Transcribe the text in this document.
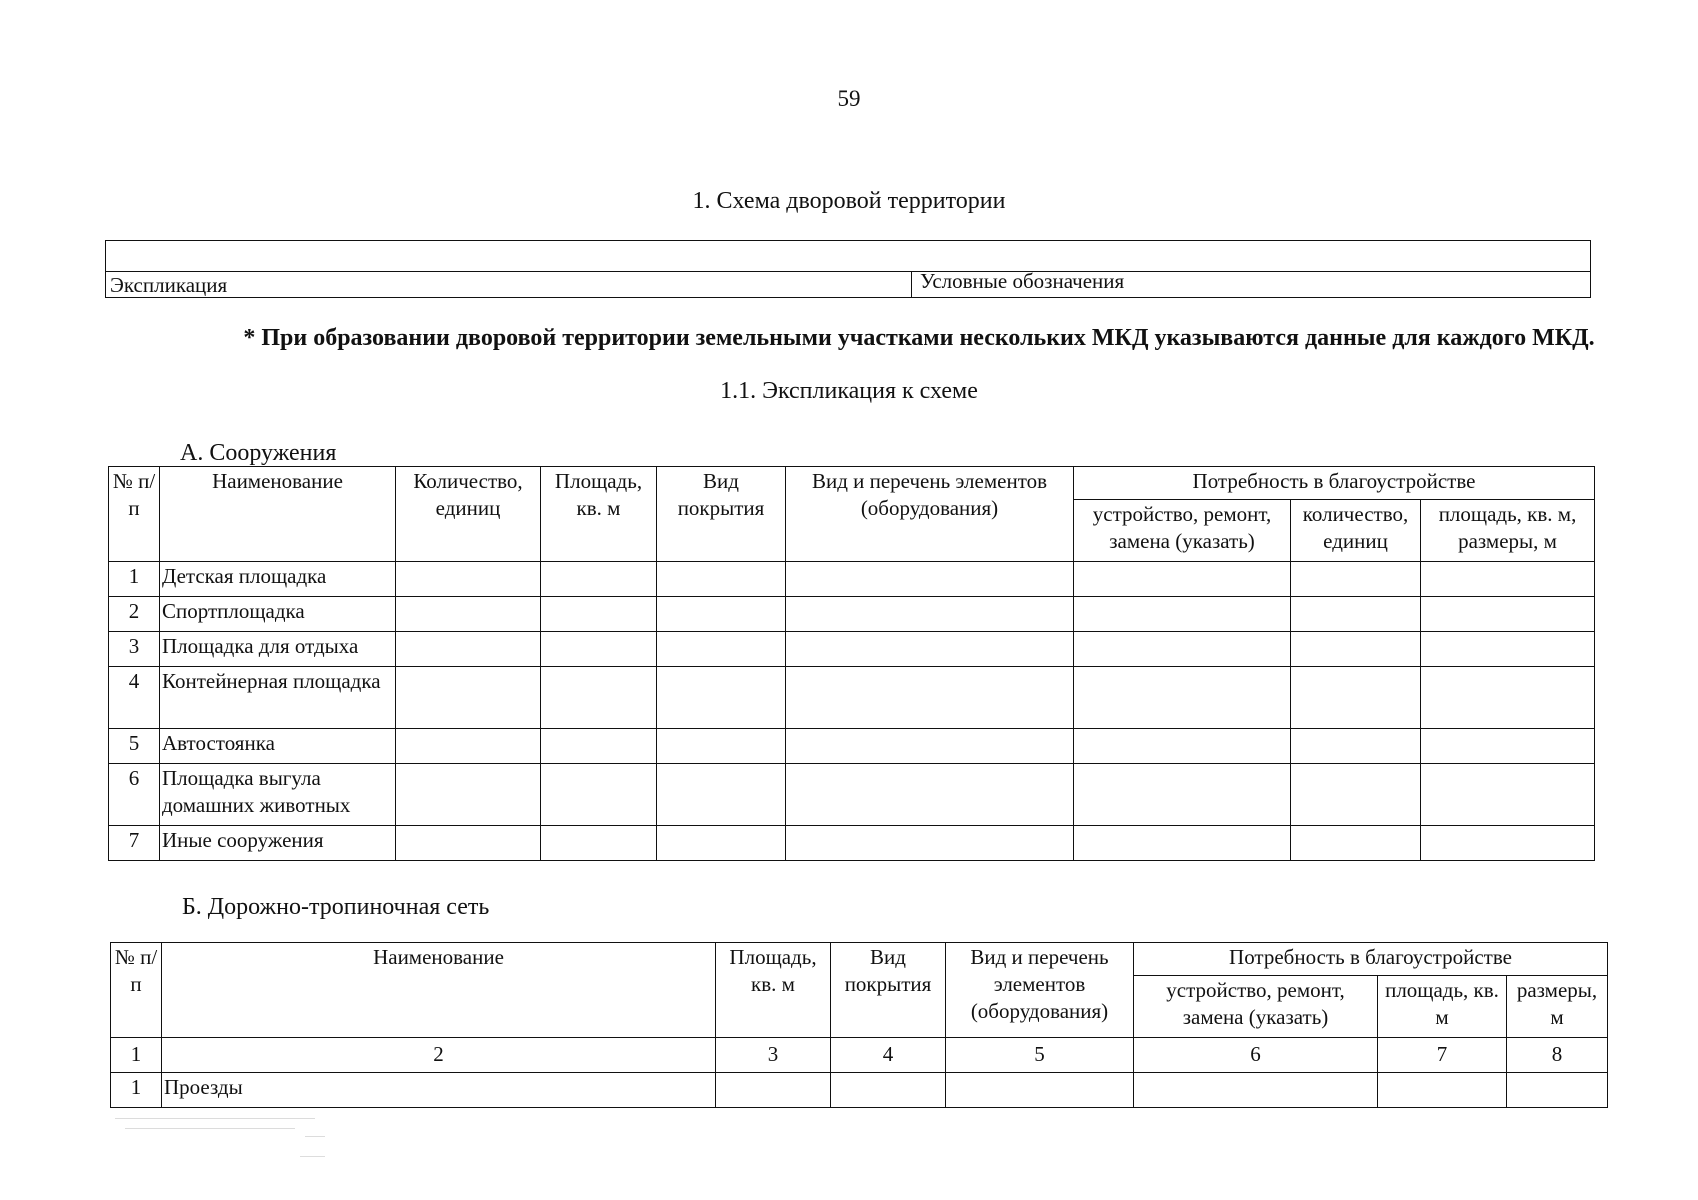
59
1. Схема дворовой территории
Экспликация	Условные обозначения
* При образовании дворовой территории земельными участками нескольких МКД указываются данные для каждого МКД.
1.1. Экспликация к схеме
А. Сооружения
№ п/п	Наименование	Количество, единиц	Площадь, кв. м	Вид покрытия	Вид и перечень элементов (оборудования)	Потребность в благоустройстве		
						устройство, ремонт, замена (указать)	количество, единиц	площадь, кв. м, размеры, м
1	Детская площадка							
2	Спортплощадка							
3	Площадка для отдыха							
4	Контейнерная площадка							
5	Автостоянка							
6	Площадка выгула домашних животных							
7	Иные сооружения							
Б. Дорожно-тропиночная сеть
№ п/п	Наименование	Площадь, кв. м	Вид покрытия	Вид и перечень элементов (оборудования)	Потребность в благоустройстве		
					устройство, ремонт, замена (указать)	площадь, кв. м	размеры, м
1	2	3	4	5	6	7	8
1	Проезды						
